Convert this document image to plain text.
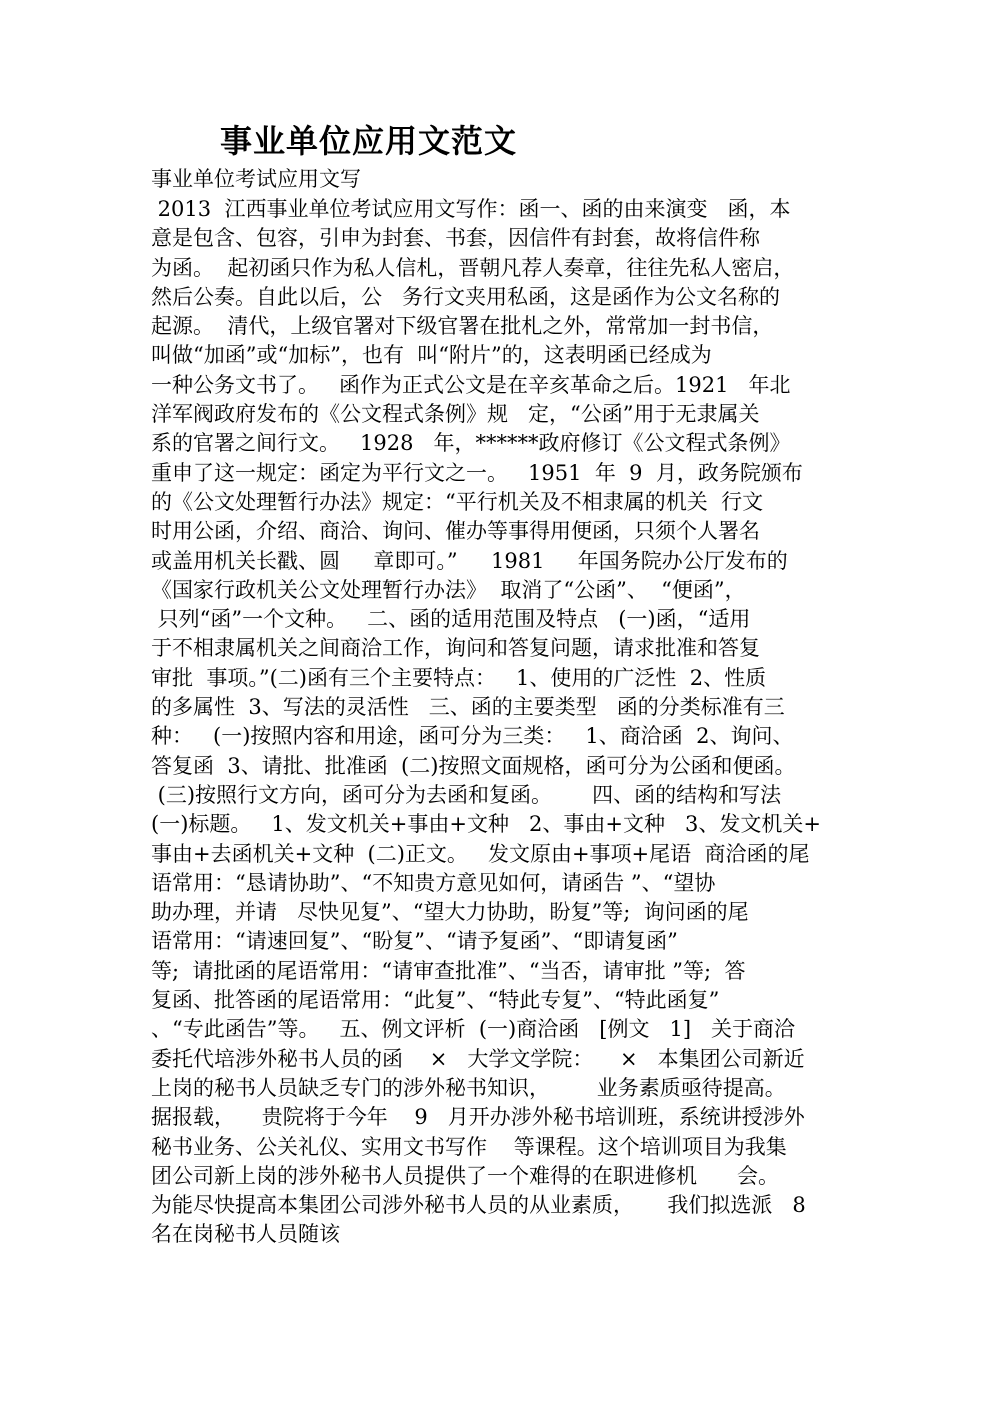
事业单位应用文范文
事业单位考试应用文写
2013  江西事业单位考试应用文写作：函一、函的由来演变   函，本
意是包含、包容，引申为封套、书套，因信件有封套，故将信件称
为函。  起初函只作为私人信札，晋朝凡荐人奏章，往往先私人密启，
然后公奏。自此以后，公   务行文夹用私函，这是函作为公文名称的
起源。  清代，上级官署对下级官署在批札之外，常常加一封书信，
叫做“加函”或“加标”，也有  叫“附片”的，这表明函已经成为
一种公务文书了。   函作为正式公文是在辛亥革命之后。1921   年北
洋军阀政府发布的《公文程式条例》规   定，“公函”用于无隶属关
系的官署之间行文。   1928   年，******政府修订《公文程式条例》
重申了这一规定：函定为平行文之一。   1951  年  9  月，政务院颁布
的《公文处理暂行办法》规定：“平行机关及不相隶属的机关  行文
时用公函，介绍、商洽、询问、催办等事得用便函，只须个人署名
或盖用机关长戳、圆     章即可。”     1981     年国务院办公厅发布的
《国家行政机关公文处理暂行办法》  取消了“公函”、  “便函”，
只列“函”一个文种。   二、函的适用范围及特点   (一)函，“适用
于不相隶属机关之间商洽工作，询问和答复问题，请求批准和答复
审批  事项。”(二)函有三个主要特点：   1、使用的广泛性  2、性质
的多属性  3、写法的灵活性   三、函的主要类型   函的分类标准有三
种：   (一)按照内容和用途，函可分为三类：   1、商洽函  2、询问、
答复函  3、请批、批准函  (二)按照文面规格，函可分为公函和便函。
(三)按照行文方向，函可分为去函和复函。      四、函的结构和写法
(一)标题。   1、发文机关+事由+文种   2、事由+文种   3、发文机关+
事由+去函机关+文种  (二)正文。   发文原由+事项+尾语  商洽函的尾
语常用：“恳请协助”、“不知贵方意见如何，请函告 ”、“望协
助办理，并请   尽快见复”、“望大力协助，盼复”等;  询问函的尾
语常用：“请速回复”、“盼复”、“请予复函”、“即请复函”
等;  请批函的尾语常用：“请审查批准”、“当否，请审批 ”等;  答
复函、批答函的尾语常用：“此复”、“特此专复”、“特此函复”
、“专此函告”等。   五、例文评析  (一)商洽函   [例文   1]   关于商洽
委托代培涉外秘书人员的函    ×   大学文学院：    ×   本集团公司新近
上岗的秘书人员缺乏专门的涉外秘书知识，       业务素质亟待提高。
据报载，    贵院将于今年    9   月开办涉外秘书培训班，系统讲授涉外
秘书业务、公关礼仪、实用文书写作    等课程。这个培训项目为我集
团公司新上岗的涉外秘书人员提供了一个难得的在职进修机      会。
为能尽快提高本集团公司涉外秘书人员的从业素质，     我们拟选派   8
名在岗秘书人员随该
